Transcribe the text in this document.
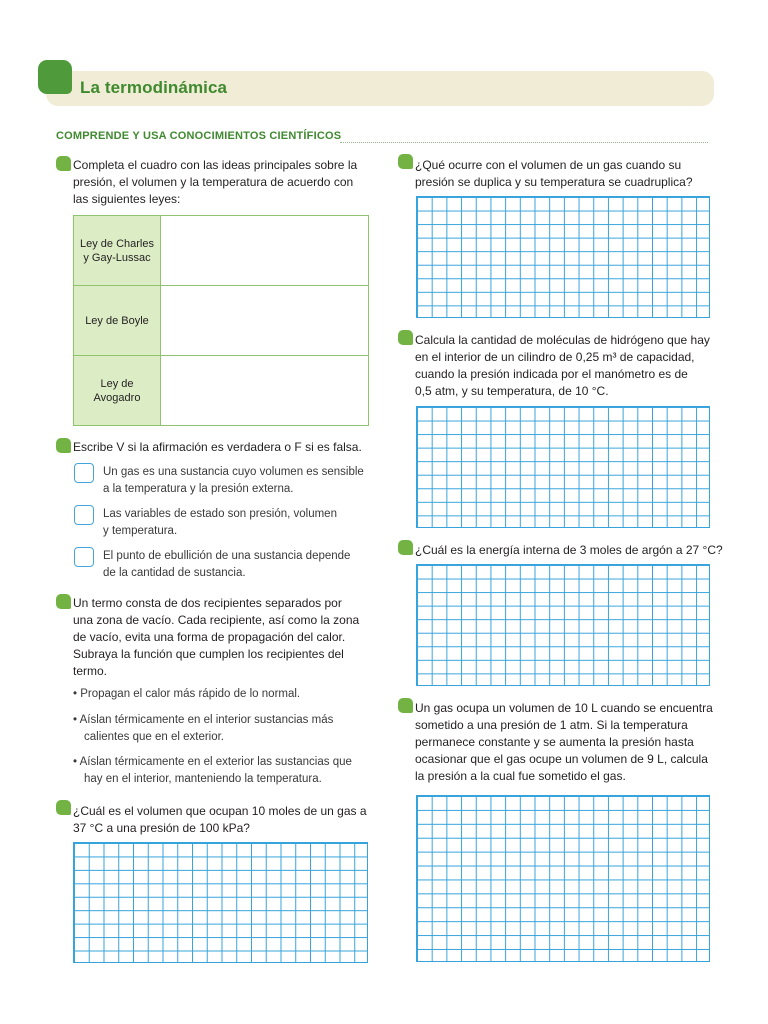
La termodinámica
COMPRENDE Y USA CONOCIMIENTOS CIENTÍFICOS
Completa el cuadro con las ideas principales sobre la
presión, el volumen y la temperatura de acuerdo con
las siguientes leyes:
Ley de Charles
y Gay-Lussac
Ley de Boyle
Ley de
Avogadro
Escribe V si la afirmación es verdadera o F si es falsa.
Un gas es una sustancia cuyo volumen es sensible
a la temperatura y la presión externa.
Las variables de estado son presión, volumen
y temperatura.
El punto de ebullición de una sustancia depende
de la cantidad de sustancia.
Un termo consta de dos recipientes separados por
una zona de vacío. Cada recipiente, así como la zona
de vacío, evita una forma de propagación del calor.
Subraya la función que cumplen los recipientes del
termo.
• Propagan el calor más rápido de lo normal.
• Aíslan térmicamente en el interior sustancias más
calientes que en el exterior.
• Aíslan térmicamente en el exterior las sustancias que
hay en el interior, manteniendo la temperatura.
¿Cuál es el volumen que ocupan 10 moles de un gas a
37 °C a una presión de 100 kPa?
¿Qué ocurre con el volumen de un gas cuando su
presión se duplica y su temperatura se cuadruplica?
Calcula la cantidad de moléculas de hidrógeno que hay
en el interior de un cilindro de 0,25 m³ de capacidad,
cuando la presión indicada por el manómetro es de
0,5 atm, y su temperatura, de 10 °C.
¿Cuál es la energía interna de 3 moles de argón a 27 °C?
Un gas ocupa un volumen de 10 L cuando se encuentra
sometido a una presión de 1 atm. Si la temperatura
permanece constante y se aumenta la presión hasta
ocasionar que el gas ocupe un volumen de 9 L, calcula
la presión a la cual fue sometido el gas.
